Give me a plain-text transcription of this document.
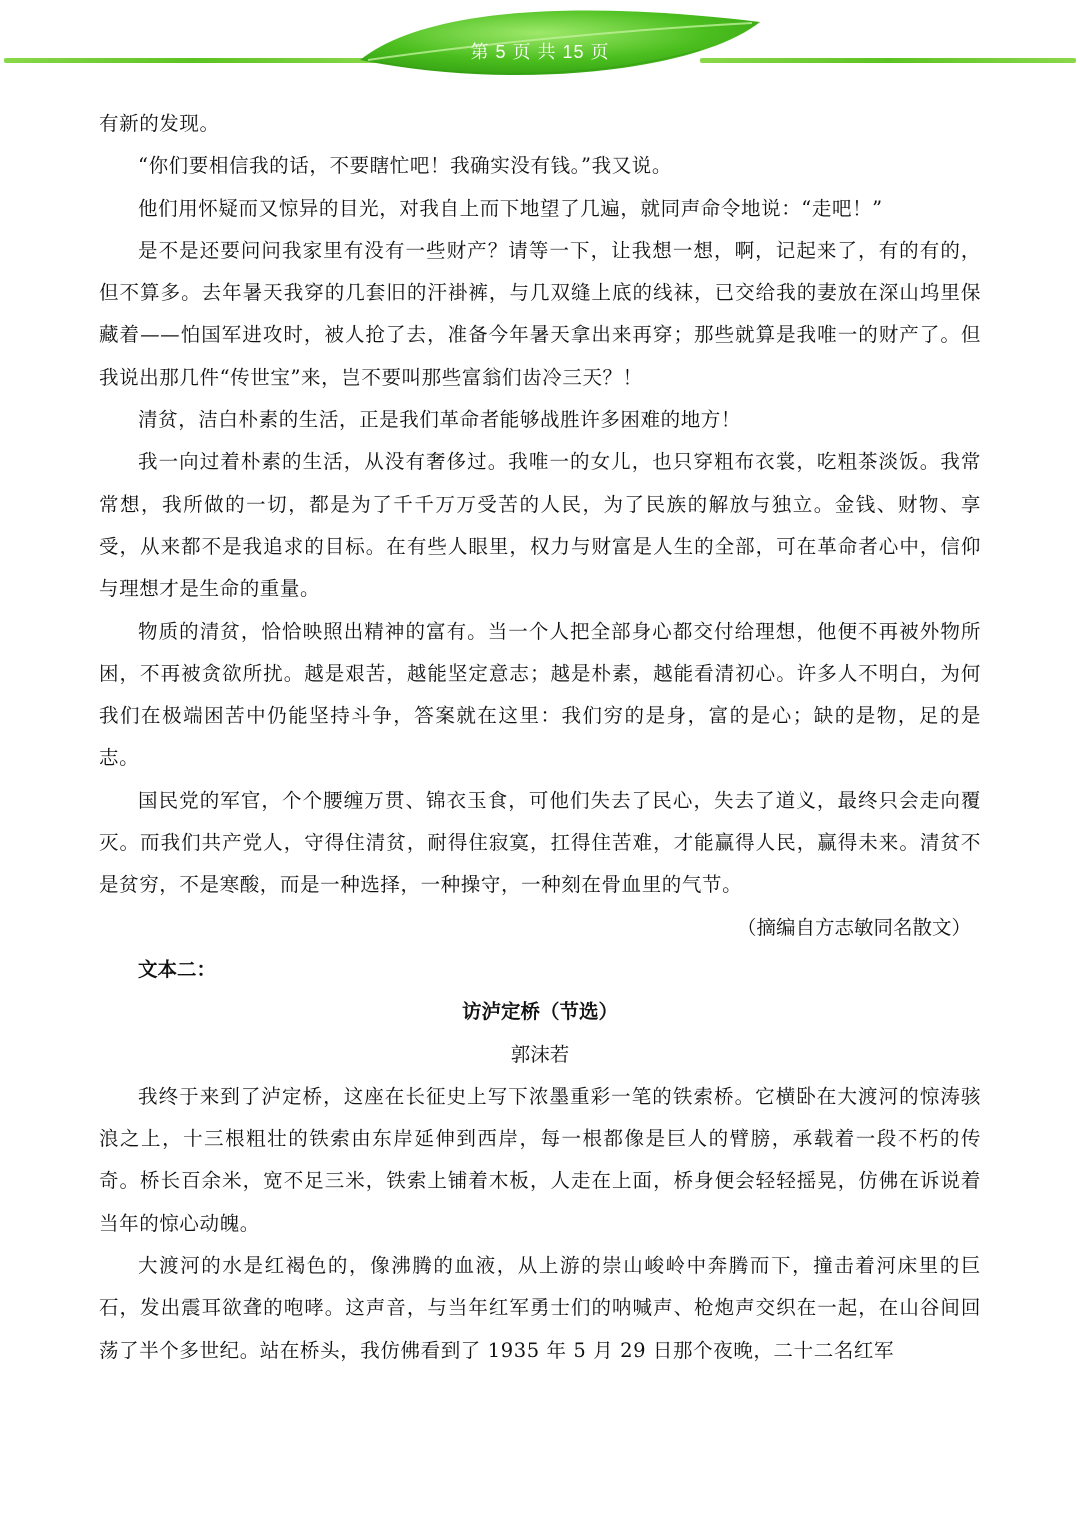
第 5 页 共 15 页

有新的发现。

“你们要相信我的话，不要瞎忙吧！我确实没有钱。”我又说。

他们用怀疑而又惊异的目光，对我自上而下地望了几遍，就同声命令地说：“走吧！”

是不是还要问问我家里有没有一些财产？请等一下，让我想一想，啊，记起来了，有的有的，但不算多。去年暑天我穿的几套旧的汗褂裤，与几双缝上底的线袜，已交给我的妻放在深山坞里保藏着——怕国军进攻时，被人抢了去，准备今年暑天拿出来再穿；那些就算是我唯一的财产了。但我说出那几件“传世宝”来，岂不要叫那些富翁们齿冷三天？！

清贫，洁白朴素的生活，正是我们革命者能够战胜许多困难的地方！

我一向过着朴素的生活，从没有奢侈过。我唯一的女儿，也只穿粗布衣裳，吃粗茶淡饭。我常常想，我所做的一切，都是为了千千万万受苦的人民，为了民族的解放与独立。金钱、财物、享受，从来都不是我追求的目标。在有些人眼里，权力与财富是人生的全部，可在革命者心中，信仰与理想才是生命的重量。

物质的清贫，恰恰映照出精神的富有。当一个人把全部身心都交付给理想，他便不再被外物所困，不再被贪欲所扰。越是艰苦，越能坚定意志；越是朴素，越能看清初心。许多人不明白，为何我们在极端困苦中仍能坚持斗争，答案就在这里：我们穷的是身，富的是心；缺的是物，足的是志。

国民党的军官，个个腰缠万贯、锦衣玉食，可他们失去了民心，失去了道义，最终只会走向覆灭。而我们共产党人，守得住清贫，耐得住寂寞，扛得住苦难，才能赢得人民，赢得未来。清贫不是贫穷，不是寒酸，而是一种选择，一种操守，一种刻在骨血里的气节。

（摘编自方志敏同名散文）

文本二：

访泸定桥（节选）

郭沫若

我终于来到了泸定桥，这座在长征史上写下浓墨重彩一笔的铁索桥。它横卧在大渡河的惊涛骇浪之上，十三根粗壮的铁索由东岸延伸到西岸，每一根都像是巨人的臂膀，承载着一段不朽的传奇。桥长百余米，宽不足三米，铁索上铺着木板，人走在上面，桥身便会轻轻摇晃，仿佛在诉说着当年的惊心动魄。

大渡河的水是红褐色的，像沸腾的血液，从上游的崇山峻岭中奔腾而下，撞击着河床里的巨石，发出震耳欲聋的咆哮。这声音，与当年红军勇士们的呐喊声、枪炮声交织在一起，在山谷间回荡了半个多世纪。站在桥头，我仿佛看到了 1935 年 5 月 29 日那个夜晚，二十二名红军
